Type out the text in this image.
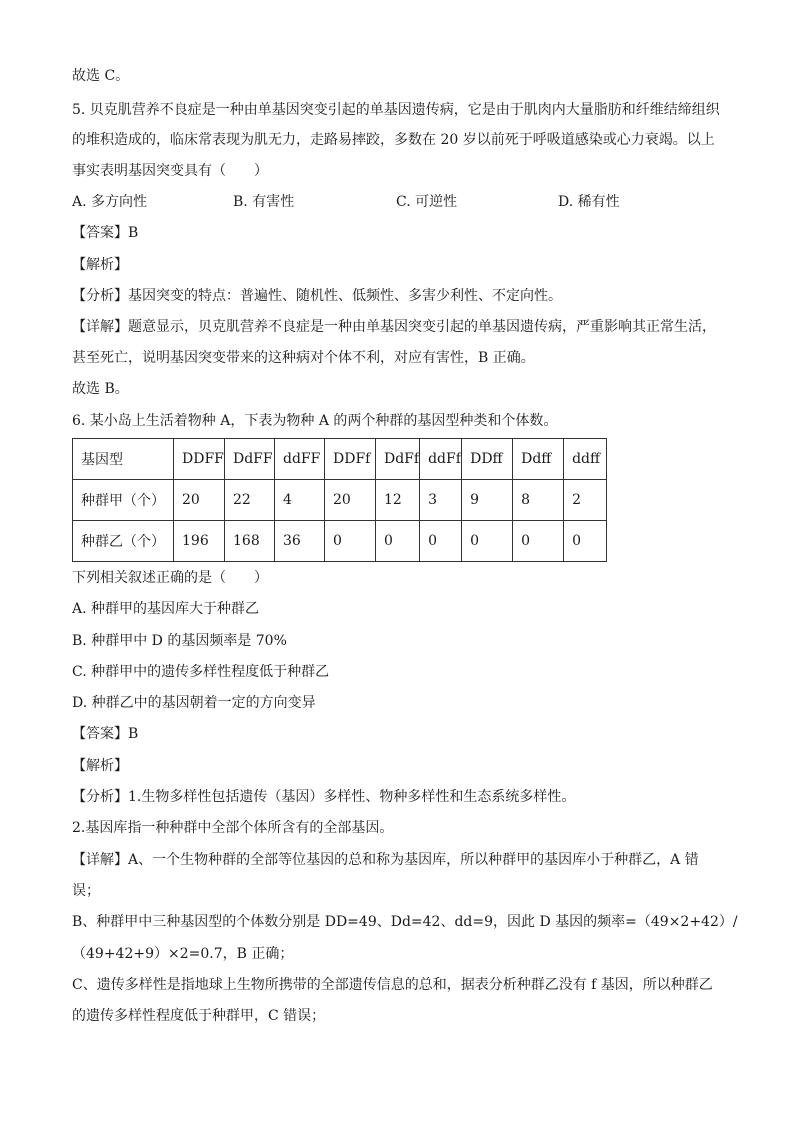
故选 C。
5. 贝克肌营养不良症是一种由单基因突变引起的单基因遗传病，它是由于肌肉内大量脂肪和纤维结缔组织
的堆积造成的，临床常表现为肌无力，走路易摔跤，多数在 20 岁以前死于呼吸道感染或心力衰竭。以上
事实表明基因突变具有（　　）
A. 多方向性	B. 有害性	C. 可逆性	D. 稀有性
【答案】B
【解析】
【分析】基因突变的特点：普遍性、随机性、低频性、多害少利性、不定向性。
【详解】题意显示，贝克肌营养不良症是一种由单基因突变引起的单基因遗传病，严重影响其正常生活，
甚至死亡，说明基因突变带来的这种病对个体不利，对应有害性，B 正确。
故选 B。
6. 某小岛上生活着物种 A，下表为物种 A 的两个种群的基因型种类和个体数。
基因型	DDFF	DdFF	ddFF	DDFf	DdFf	ddFf	DDff	Ddff	ddff
种群甲（个）	20	22	4	20	12	3	9	8	2
种群乙（个）	196	168	36	0	0	0	0	0	0
下列相关叙述正确的是（　　）
A. 种群甲的基因库大于种群乙
B. 种群甲中 D 的基因频率是 70%
C. 种群甲中的遗传多样性程度低于种群乙
D. 种群乙中的基因朝着一定的方向变异
【答案】B
【解析】
【分析】1.生物多样性包括遗传（基因）多样性、物种多样性和生态系统多样性。
2.基因库指一种种群中全部个体所含有的全部基因。
【详解】A、一个生物种群的全部等位基因的总和称为基因库，所以种群甲的基因库小于种群乙，A 错
误；
B、种群甲中三种基因型的个体数分别是 DD=49、Dd=42、dd=9，因此 D 基因的频率=（49×2+42）/
（49+42+9）×2=0.7，B 正确；
C、遗传多样性是指地球上生物所携带的全部遗传信息的总和，据表分析种群乙没有 f 基因，所以种群乙
的遗传多样性程度低于种群甲，C 错误；
